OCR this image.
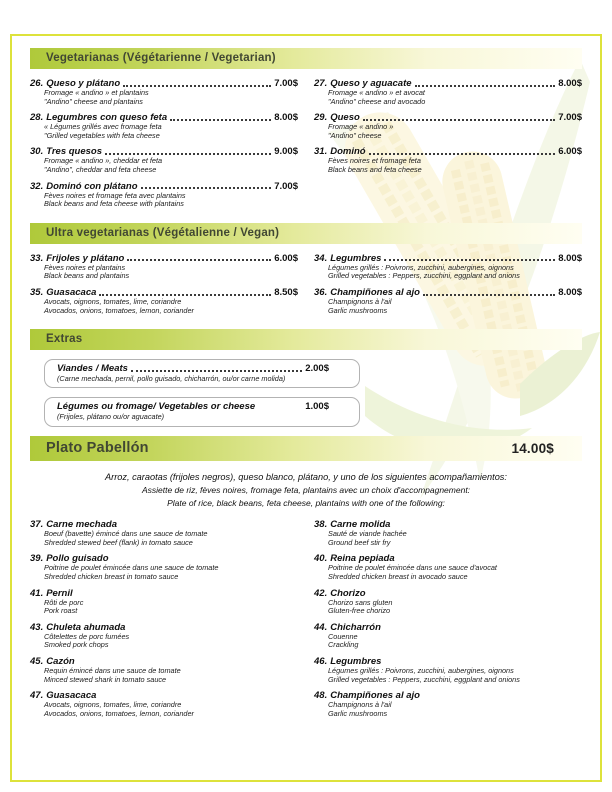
Vegetarianas (Végétarienne / Vegetarian)
26. Queso y plátano	7.00$
Fromage « andino » et plantains
"Andino" cheese and plantains
28. Legumbres con queso feta	8.00$
« Légumes grillés avec fromage feta
"Grilled vegetables with feta cheese
30. Tres quesos	9.00$
Fromage « andino », cheddar et feta
"Andino", cheddar and feta cheese
32. Dominó con plátano	7.00$
Fèves noires et fromage feta avec plantains
Black beans and feta cheese with plantains
27. Queso y aguacate	8.00$
Fromage « andino » et avocat
"Andino" cheese and avocado
29. Queso	7.00$
Fromage « andino »
"Andino" cheese
31. Dominó	6.00$
Fèves noires et fromage feta
Black beans and feta cheese
Ultra vegetarianas (Végétalienne / Vegan)
33. Frijoles y plátano	6.00$
Fèves noires et plantains
Black beans and plantains
35. Guasacaca	8.50$
Avocats, oignons, tomates, lime, coriandre
Avocados, onions, tomatoes, lemon, coriander
34. Legumbres	8.00$
Légumes grillés : Poivrons, zucchini, aubergines, oignons
Grilled vegetables : Peppers, zucchini, eggplant and onions
36. Champiñones al ajo	8.00$
Champignons à l'ail
Garlic mushrooms
Extras
Viandes / Meats	2.00$
(Carne mechada, pernil, pollo guisado, chicharrón, ou/or carne molida)
Légumes ou fromage/ Vegetables or cheese	1.00$
(Frijoles, plátano ou/or aguacate)
Plato Pabellón	14.00$
Arroz, caraotas (frijoles negros), queso blanco, plátano, y uno de los siguientes acompañamientos:
Assiette de riz, fèves noires, fromage feta, plantains avec un choix d'accompagnement:
Plate of rice, black beans, feta cheese, plantains with one of the following:
37. Carne mechada
Boeuf (bavette) émincé dans une sauce de tomate
Shredded stewed beef (flank) in tomato sauce
39. Pollo guisado
Poitrine de poulet émincée dans une sauce de tomate
Shredded chicken breast in tomato sauce
41. Pernil
Rôti de porc
Pork roast
43. Chuleta ahumada
Côtelettes de porc fumées
Smoked pork chops
45. Cazón
Requin émincé dans une sauce de tomate
Minced stewed shark in tomato sauce
47. Guasacaca
Avocats, oignons, tomates, lime, coriandre
Avocados, onions, tomatoes, lemon, coriander
38. Carne molida
Sauté de viande hachée
Ground beef stir fry
40. Reina pepiada
Poitrine de poulet émincée dans une sauce d'avocat
Shredded chicken breast in avocado sauce
42. Chorizo
Chorizo sans gluten
Gluten-free chorizo
44. Chicharrón
Couenne
Crackling
46. Legumbres
Légumes grillés : Poivrons, zucchini, aubergines, oignons
Grilled vegetables : Peppers, zucchini, eggplant and onions
48. Champiñones al ajo
Champignons à l'ail
Garlic mushrooms
